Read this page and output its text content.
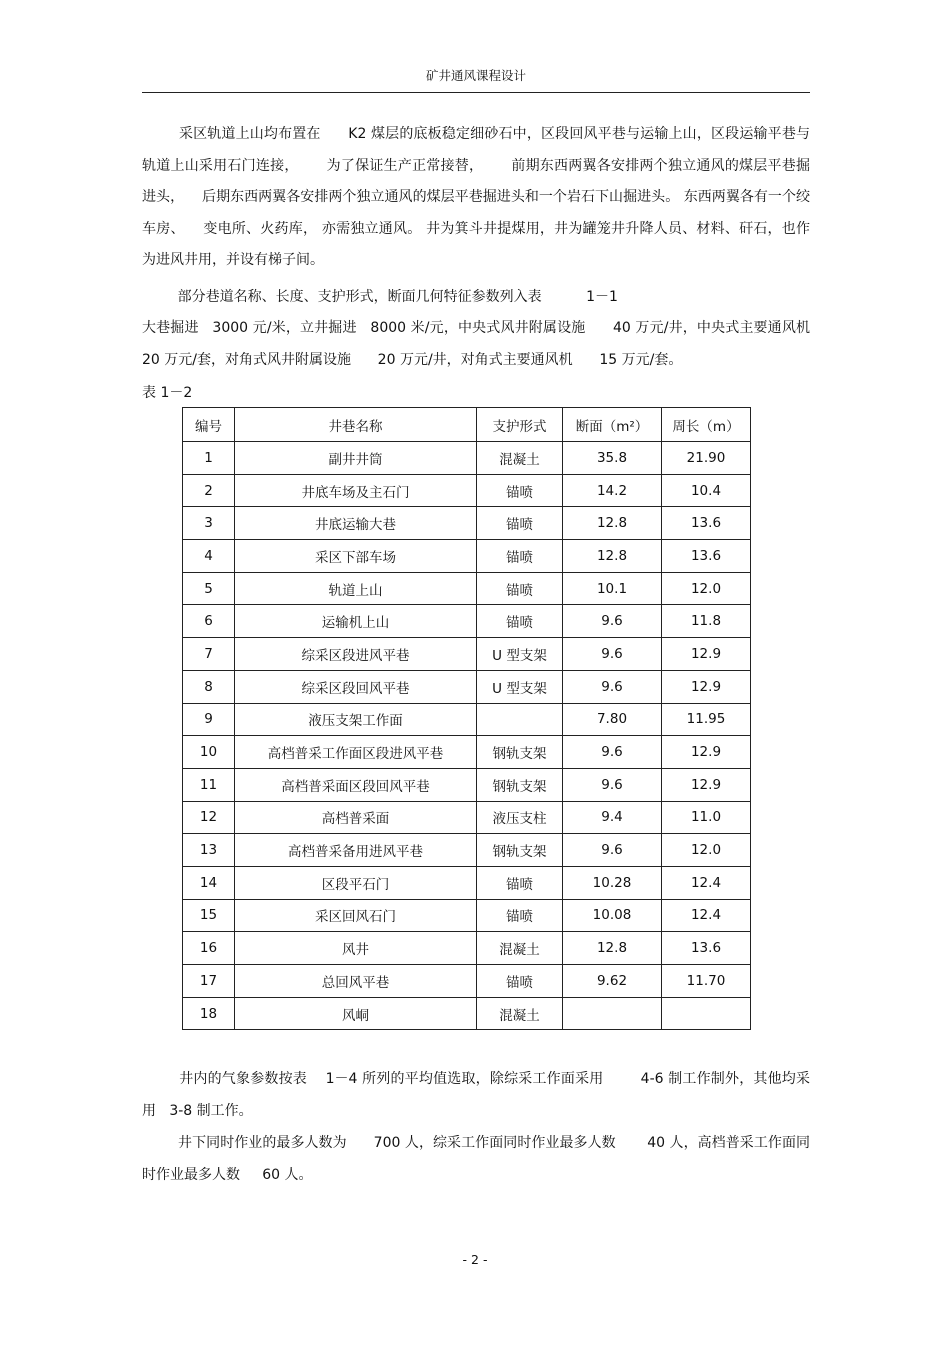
矿井通风课程设计

采区轨道上山均布置在      K2 煤层的底板稳定细砂石中，区段回风平巷与运输上山，区段运输平巷与轨道上山采用石门连接，      为了保证生产正常接替，      前期东西两翼各安排两个独立通风的煤层平巷掘进头，    后期东西两翼各安排两个独立通风的煤层平巷掘进头和一个岩石下山掘进头。 东西两翼各有一个绞车房、    变电所、火药库， 亦需独立通风。 井为箕斗井提煤用，井为罐笼井升降人员、材料、矸石，也作为进风井用，并设有梯子间。

部分巷道名称、长度、支护形式，断面几何特征参数列入表          1－1

大巷掘进   3000 元/米，立井掘进   8000 米/元，中央式风井附属设施      40 万元/井，中央式主要通风机  20 万元/套，对角式风井附属设施      20 万元/井，对角式主要通风机      15 万元/套。

表 1－2
编号	井巷名称	支护形式	断面（m²）	周长（m）
1	副井井筒	混凝土	35.8	21.90
2	井底车场及主石门	锚喷	14.2	10.4
3	井底运输大巷	锚喷	12.8	13.6
4	采区下部车场	锚喷	12.8	13.6
5	轨道上山	锚喷	10.1	12.0
6	运输机上山	锚喷	9.6	11.8
7	综采区段进风平巷	U 型支架	9.6	12.9
8	综采区段回风平巷	U 型支架	9.6	12.9
9	液压支架工作面		7.80	11.95
10	高档普采工作面区段进风平巷	钢轨支架	9.6	12.9
11	高档普采面区段回风平巷	钢轨支架	9.6	12.9
12	高档普采面	液压支柱	9.4	11.0
13	高档普采备用进风平巷	钢轨支架	9.6	12.0
14	区段平石门	锚喷	10.28	12.4
15	采区回风石门	锚喷	10.08	12.4
16	风井	混凝土	12.8	13.6
17	总回风平巷	锚喷	9.62	11.70
18	风峒	混凝土		

井内的气象参数按表    1－4 所列的平均值选取，除综采工作面采用        4-6 制工作制外，其他均采用   3-8 制工作。

井下同时作业的最多人数为      700 人，综采工作面同时作业最多人数       40 人，高档普采工作面同时作业最多人数     60 人。

- 2 -
